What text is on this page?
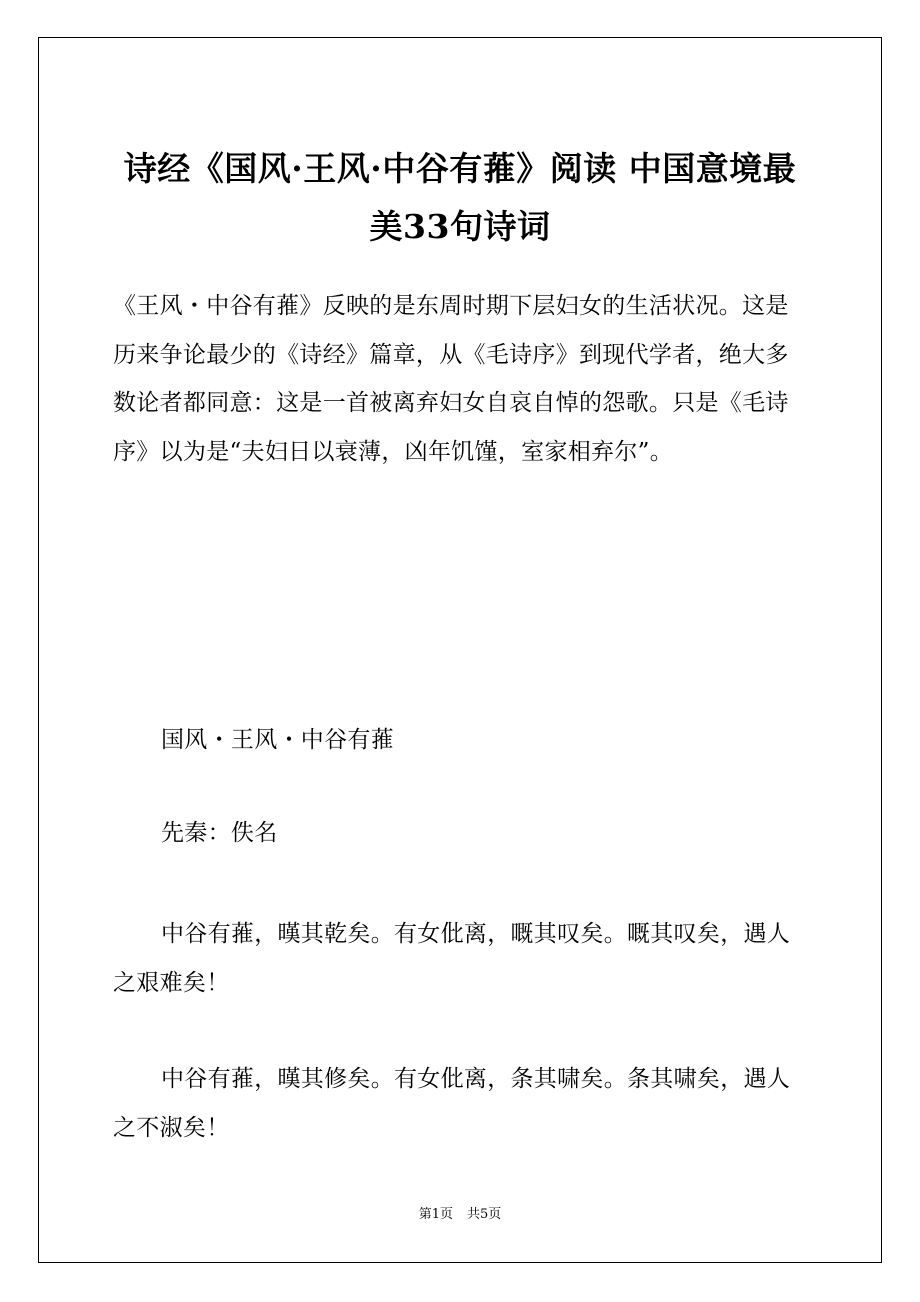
诗经《国风·王风·中谷有蓷》阅读 中国意境最美33句诗词

《王风・中谷有蓷》反映的是东周时期下层妇女的生活状况。这是历来争论最少的《诗经》篇章，从《毛诗序》到现代学者，绝大多数论者都同意：这是一首被离弃妇女自哀自悼的怨歌。只是《毛诗序》以为是“夫妇日以衰薄，凶年饥馑，室家相弃尔”。

国风・王风・中谷有蓷

先秦：佚名

中谷有蓷，暵其乾矣。有女仳离，嘅其叹矣。嘅其叹矣，遇人之艰难矣！

中谷有蓷，暵其修矣。有女仳离，条其啸矣。条其啸矣，遇人之不淑矣！

第1页 共5页
